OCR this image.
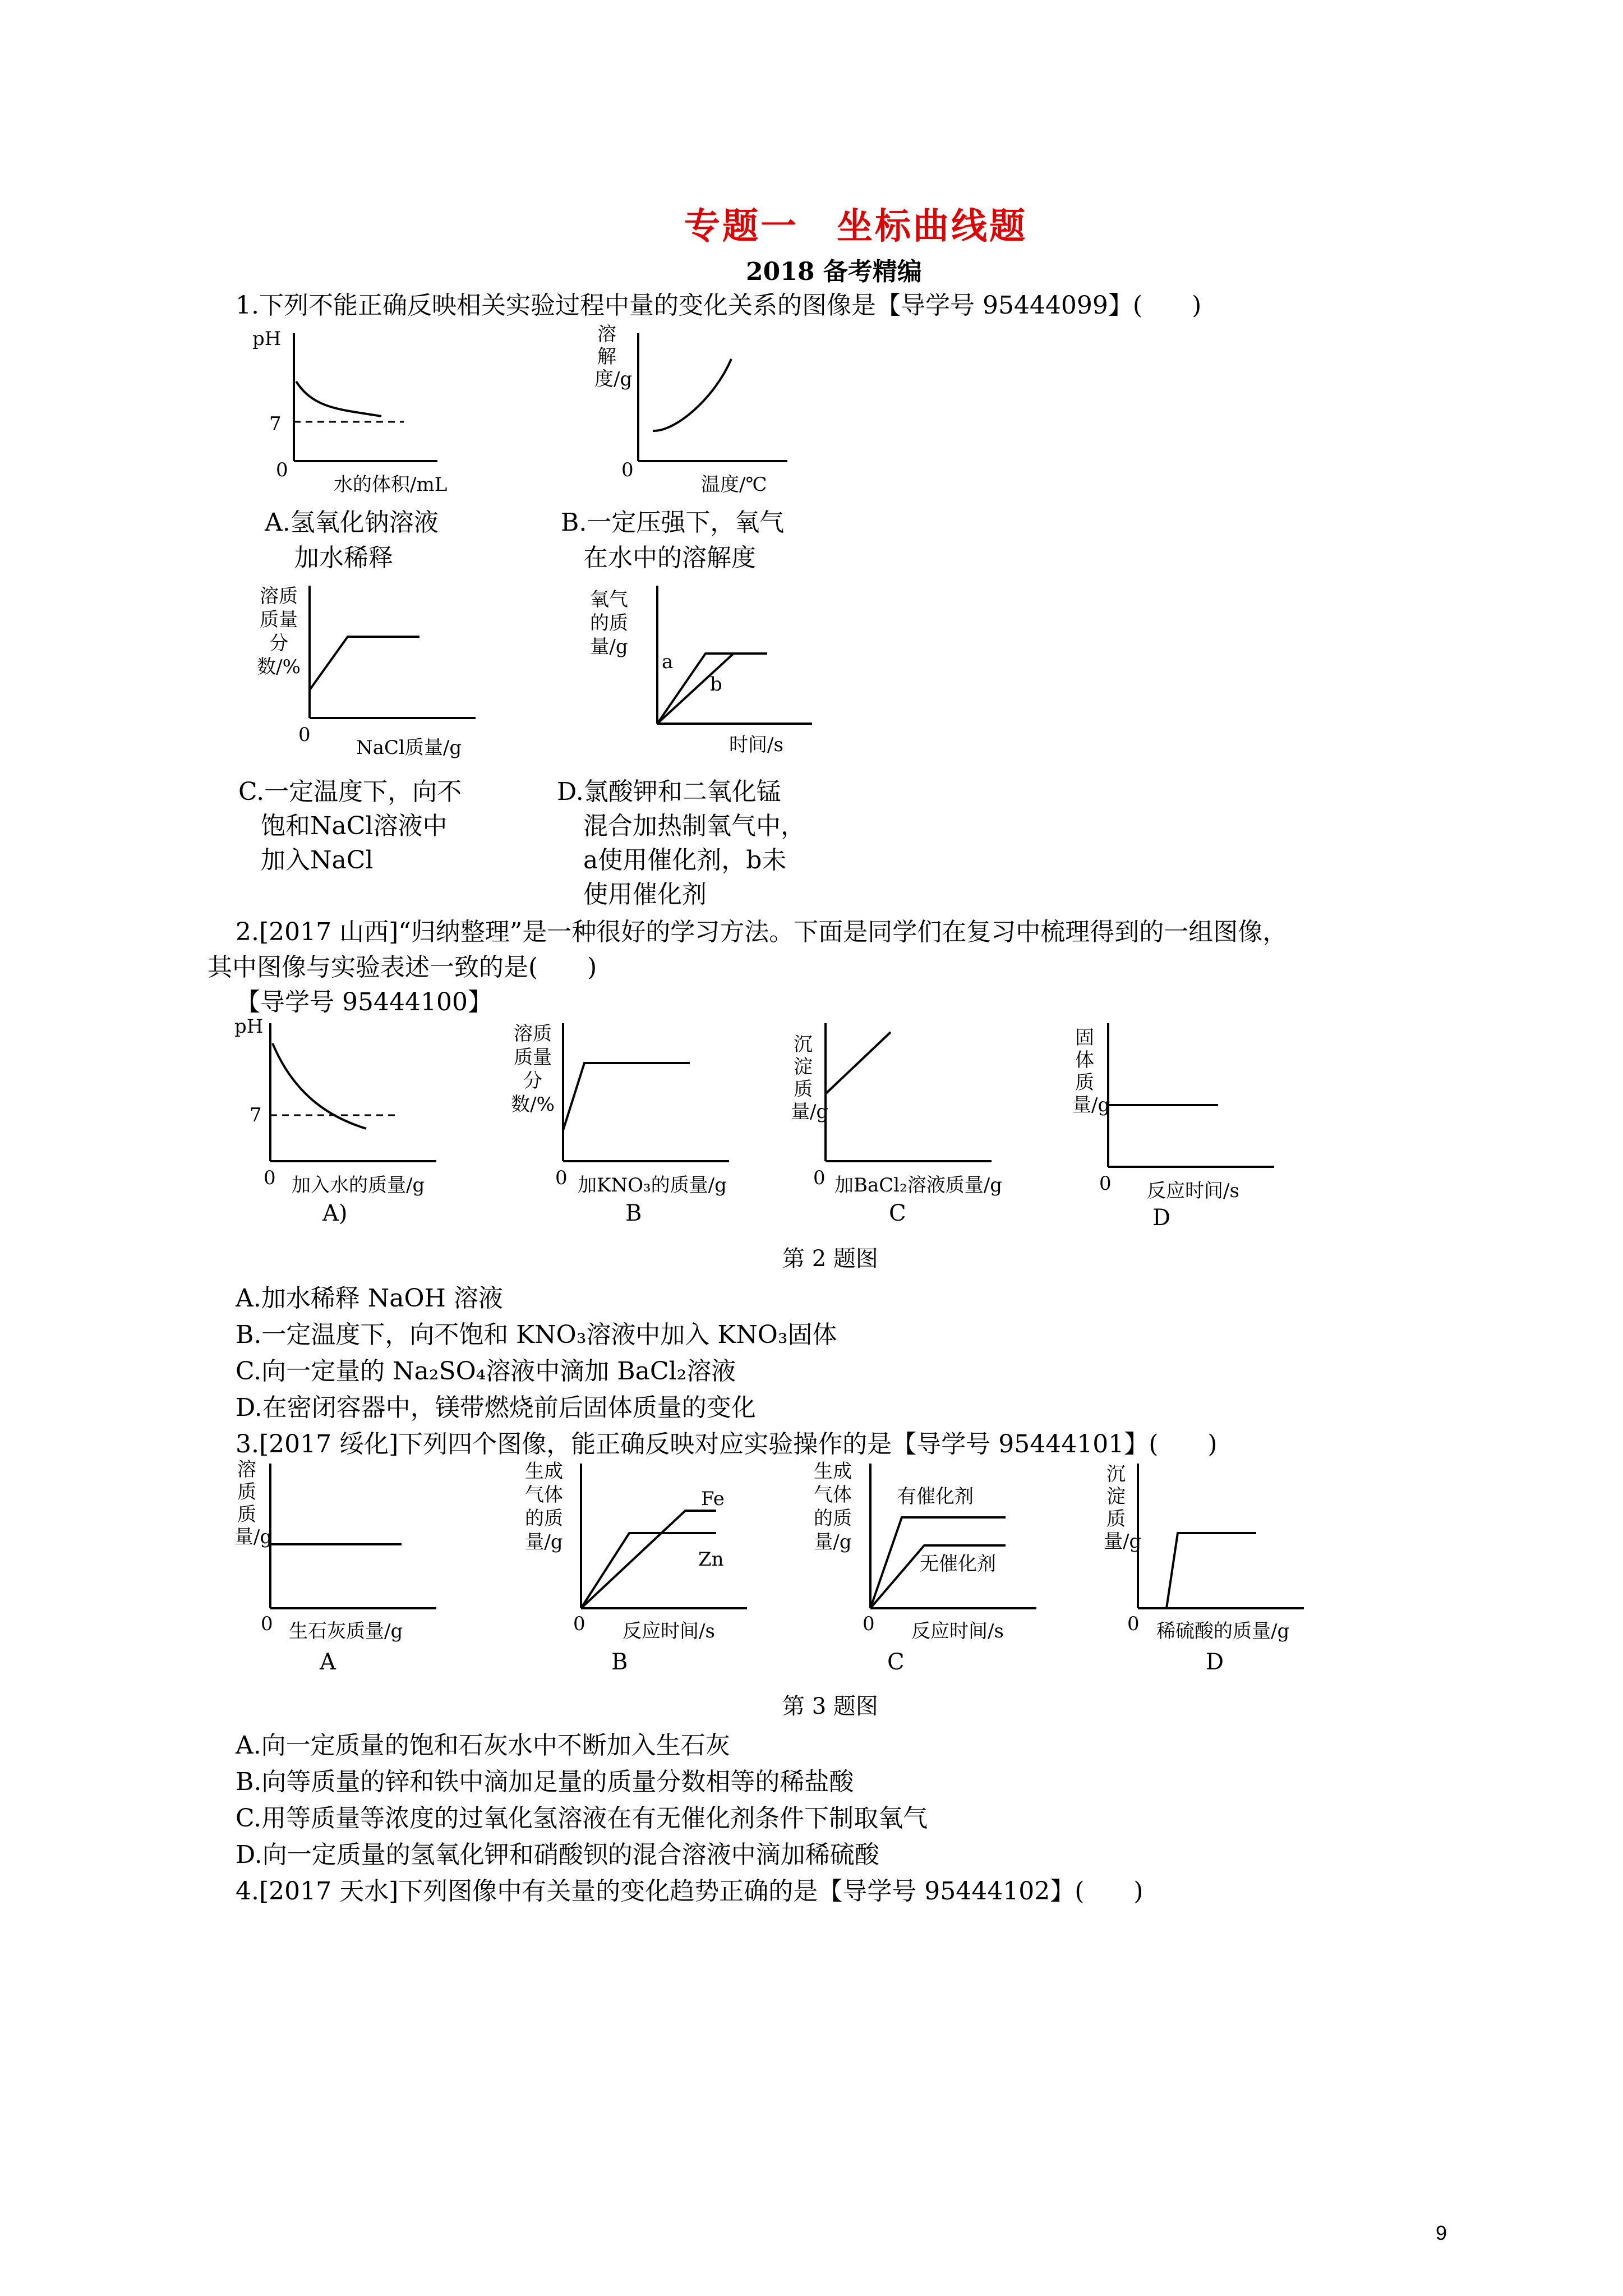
专题一　坐标曲线题
2018 备考精编
1.下列不能正确反映相关实验过程中量的变化关系的图像是【导学号 95444099】(　　)
pH
7
0
水的体积/mL
A.氢氧化钠溶液
加水稀释
溶解度/g
0
温度/℃
B.一定压强下，氧气
在水中的溶解度
溶质质量分数/%
0
NaCl质量/g
C.一定温度下，向不
饱和NaCl溶液中
加入NaCl
氧气的质量/g
a
b
时间/s
D.氯酸钾和二氧化锰
混合加热制氧气中，
a使用催化剂，b未
使用催化剂
2.[2017 山西]“归纳整理”是一种很好的学习方法。下面是同学们在复习中梳理得到的一组图像，
其中图像与实验表述一致的是(　　)
【导学号 95444100】
pH
7
0 加入水的质量/g
A)
溶质质量分数/%
0 加KNO₃的质量/g
B
沉淀质量/g
0 加BaCl₂溶液质量/g
C
固体质量/g
0 反应时间/s
D
第 2 题图
A.加水稀释 NaOH 溶液
B.一定温度下，向不饱和 KNO₃溶液中加入 KNO₃固体
C.向一定量的 Na₂SO₄溶液中滴加 BaCl₂溶液
D.在密闭容器中，镁带燃烧前后固体质量的变化
3.[2017 绥化]下列四个图像，能正确反映对应实验操作的是【导学号 95444101】(　　)
溶质质量/g
0 生石灰质量/g
A
生成气体的质量/g
Fe
Zn
0 反应时间/s
B
生成气体的质量/g
有催化剂
无催化剂
0 反应时间/s
C
沉淀质量/g
0 稀硫酸的质量/g
D
第 3 题图
A.向一定质量的饱和石灰水中不断加入生石灰
B.向等质量的锌和铁中滴加足量的质量分数相等的稀盐酸
C.用等质量等浓度的过氧化氢溶液在有无催化剂条件下制取氧气
D.向一定质量的氢氧化钾和硝酸钡的混合溶液中滴加稀硫酸
4.[2017 天水]下列图像中有关量的变化趋势正确的是【导学号 95444102】(　　)
9
